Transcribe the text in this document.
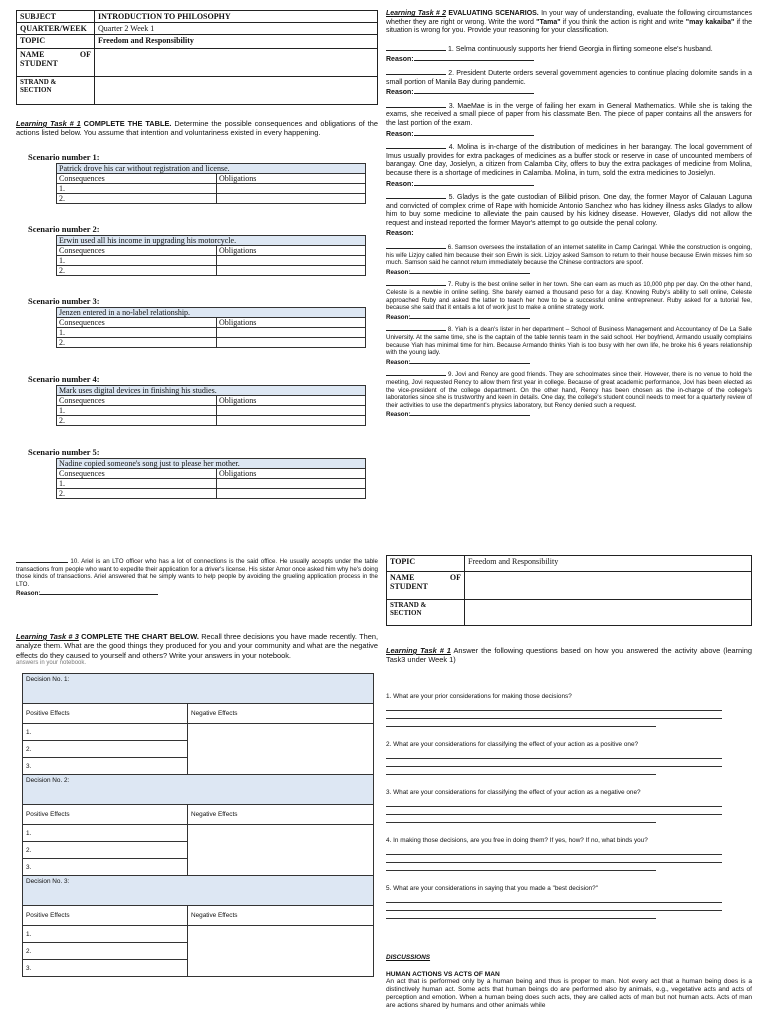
SUBJECT	INTRODUCTION TO PHILOSOPHY
QUARTER/WEEK	Quarter 2 Week 1
TOPIC	Freedom and Responsibility

NAME OF
STUDENT	

STRAND &
SECTION	

Learning Task # 1 COMPLETE THE TABLE. Determine the possible consequences and obligations of the actions listed below. You assume that intention and voluntariness existed in every happening.

Scenario number 1:
Patrick drove his car without registration and license.	
Consequences	Obligations
1.	
2.	
Scenario number 2:
Erwin used all his income in upgrading his motorcycle.	
Consequences	Obligations
1.	
2.	
Scenario number 3:
Jenzen entered in a no-label relationship.	
Consequences	Obligations
1.	
2.	
Scenario number 4:
Mark uses digital devices in finishing his studies.	
Consequences	Obligations
1.	
2.	
Scenario number 5:
Nadine copied someone's song just to please her mother.	
Consequences	Obligations
1.	
2.	
10. Ariel is an LTO officer who has a lot of connections is the said office. He usually accepts under the table transactions from people who want to expedite their application for a driver's license. His sister Amor once asked him why he's doing those kinds of transactions. Ariel answered that he simply wants to help people by avoiding the grueling application process in the LTO.
Reason:

Learning Task # 3 COMPLETE THE CHART BELOW. Recall three decisions you have made recently. Then, analyze them. What are the good things they produced for you and your community and what are the negative effects do they caused to yourself and others? Write your answers in your notebook.

answers in your notebook.
Decision No. 1:	
Positive Effects	Negative Effects
1.	
2.	
3.	
Decision No. 2:	
Positive Effects	Negative Effects
1.	
2.	
3.	
Decision No. 3:	
Positive Effects	Negative Effects
1.	
2.	
3.	

Learning Task # 2 EVALUATING SCENARIOS. In your way of understanding, evaluate the following circumstances whether they are right or wrong. Write the word "Tama" if you think the action is right and write "may kakaiba" if the situation is wrong for you. Provide your reasoning for your classification.

1. Selma continuously supports her friend Georgia in flirting someone else's husband.
Reason:
2. President Duterte orders several government agencies to continue placing dolomite sands in a small portion of Manila Bay during pandemic.
Reason:
3. MaeMae is in the verge of failing her exam in General Mathematics. While she is taking the exams, she received a small piece of paper from his classmate Ben. The piece of paper contains all the answers for the last portion of the exam.
Reason:
4. Molina is in-charge of the distribution of medicines in her barangay. The local government of Imus usually provides for extra packages of medicines as a buffer stock or reserve in case of uncounted members of barangay. One day, Josielyn, a citizen from Calamba City, offers to buy the extra packages of medicine from Molina, because there is a shortage of medicines in Calamba. Molina, in turn, sold the extra medicines to Josielyn.
Reason:
5. Gladys is the gate custodian of Bilibid prison. One day, the former Mayor of Calauan Laguna and convicted of complex crime of Rape with homicide Antonio Sanchez who has kidney illness asks Gladys to allow him to buy some medicine to alleviate the pain caused by his kidney disease. However, Gladys did not allow the request and instead reported the former Mayor's attempt to go outside the penal colony.
Reason:
6. Samson oversees the installation of an internet satellite in Camp Caringal. While the construction is ongoing, his wife Lizjoy called him because their son Erwin is sick. Lizjoy asked Samson to return to their house because Erwin misses him so much. Samson said he cannot return immediately because the Chinese contractors are spoof.
Reason:
7. Ruby is the best online seller in her town. She can earn as much as 10,000 php per day. On the other hand, Celeste is a newbie in online selling. She barely earned a thousand peso for a day. Knowing Ruby's ability to sell online, Celeste approached Ruby and asked the latter to teach her how to be a successful online entrepreneur. Ruby asked for a tutorial fee, because she said that it entails a lot of work just to make a online strategy work.
Reason:
8. Yiah is a dean's lister in her department – School of Business Management and Accountancy of De La Salle University. At the same time, she is the captain of the table tennis team in the said school. Her boyfriend, Armando usually complains because Yiah has minimal time for him. Because Armando thinks Yiah is too busy with her own life, he broke his 6 years relationship with the young lady.
Reason:
9. Jovi and Rency are good friends. They are schoolmates since their. However, there is no venue to hold the meeting, Jovi requested Rency to allow them first year in college. Because of great academic performance, Jovi has been elected as the vice-president of the college department. On the other hand, Rency has been chosen as the in-charge of the college's laboratories since she is trustworthy and keen in details. One day, the college's student council needs to meet for a quarterly review of their activities to use the department's physics laboratory, but Rency denied such a request.
Reason:
TOPIC	Freedom and Responsibility

NAME OF
STUDENT	

STRAND &
SECTION	

Learning Task # 1 Answer the following questions based on how you answered the activity above (learning Task3 under Week 1)

1. What are your prior considerations for making those decisions?
2. What are your considerations for classifying the effect of your action as a positive one?
3. What are your considerations for classifying the effect of your action as a negative one?
4. In making those decisions, are you free in doing them? If yes, how? If no, what binds you?
5. What are your considerations in saying that you made a "best decision?"
DISCUSSIONS
HUMAN ACTIONS VS ACTS OF MAN
An act that is performed only by a human being and thus is proper to man. Not every act that a human being does is a distinctively human act. Some acts that human beings do are performed also by animals, e.g., vegetative acts and acts of perception and emotion. When a human being does such acts, they are called acts of man but not human acts. Acts of man are actions shared by humans and other animals while
